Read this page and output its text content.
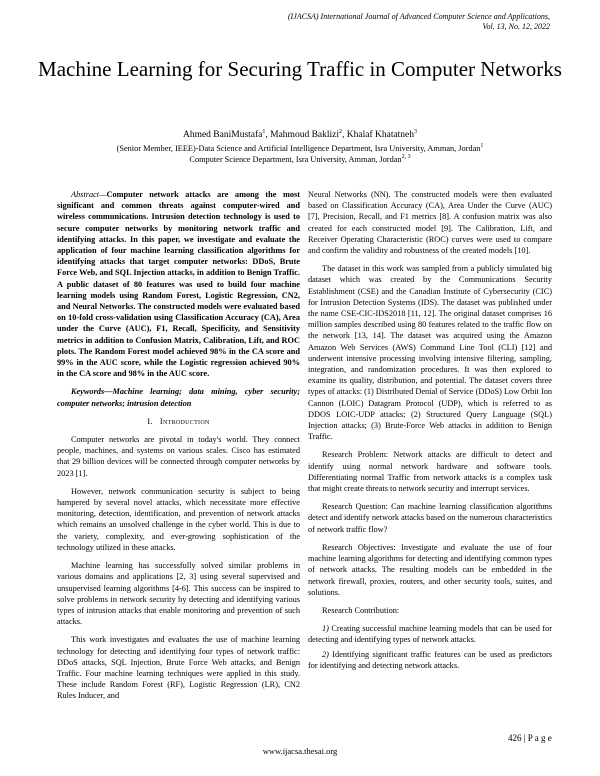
(IJACSA) International Journal of Advanced Computer Science and Applications,
Vol. 13, No. 12, 2022
Machine Learning for Securing Traffic in Computer Networks
Ahmed BaniMustafa$^1$, Mahmoud Baklizi$^2$, Khalaf Khatatneh$^3$
(Senior Member, IEEE)-Data Science and Artificial Intelligence Department, Isra University, Amman, Jordan$^1$
Computer Science Department, Isra University, Amman, Jordan$^{2, 3}$

Abstract—Computer network attacks are among the most significant and common threats against computer-wired and wireless communications. Intrusion detection technology is used to secure computer networks by monitoring network traffic and identifying attacks. In this paper, we investigate and evaluate the application of four machine learning classification algorithms for identifying attacks that target computer networks: DDoS, Brute Force Web, and SQL Injection attacks, in addition to Benign Traffic. A public dataset of 80 features was used to build four machine learning models using Random Forest, Logistic Regression, CN2, and Neural Networks. The constructed models were evaluated based on 10-fold cross-validation using Classification Accuracy (CA), Area under the Curve (AUC), F1, Recall, Specificity, and Sensitivity metrics in addition to Confusion Matrix, Calibration, Lift, and ROC plots. The Random Forest model achieved 98% in the CA score and 99% in the AUC score, while the Logistic regression achieved 90% in the CA score and 98% in the AUC score.

Keywords—Machine learning; data mining, cyber security; computer networks; intrusion detection

I. Introduction

Computer networks are pivotal in today's world. They connect people, machines, and systems on various scales. Cisco has estimated that 29 billion devices will be connected through computer networks by 2023 [1].

However, network communication security is subject to being hampered by several novel attacks, which necessitate more effective monitoring, detection, identification, and prevention of network attacks which remains an unsolved challenge in the cyber world. This is due to the variety, complexity, and ever-growing sophistication of the technology utilized in these attacks.

Machine learning has successfully solved similar problems in various domains and applications [2, 3] using several supervised and unsupervised learning algorithms [4-6]. This success can be inspired to solve problems in network security by detecting and identifying various types of intrusion attacks that enable monitoring and prevention of such attacks.

This work investigates and evaluates the use of machine learning technology for detecting and identifying four types of network traffic: DDoS attacks, SQL Injection, Brute Force Web attacks, and Benign Traffic. Four machine learning techniques were applied in this study. These include Random Forest (RF), Logistic Regression (LR), CN2 Rules Inducer, and

Neural Networks (NN). The constructed models were then evaluated based on Classification Accuracy (CA), Area Under the Curve (AUC) [7], Precision, Recall, and F1 metrics [8]. A confusion matrix was also created for each constructed model [9]. The Calibration, Lift, and Receiver Operating Characteristic (ROC) curves were used to compare and confirm the validity and robustness of the created models [10].

The dataset in this work was sampled from a publicly simulated big dataset which was created by the Communications Security Establishment (CSE) and the Canadian Institute of Cybersecurity (CIC) for Intrusion Detection Systems (IDS). The dataset was published under the name CSE-CIC-IDS2018 [11, 12]. The original dataset comprises 16 million samples described using 80 features related to the traffic flow on the network [13, 14]. The dataset was acquired using the Amazon Amazon Web Services (AWS) Command Line Tool (CLI) [12] and underwent intensive processing involving intensive filtering, sampling, integration, and randomization procedures. It was then explored to examine its quality, distribution, and potential. The dataset covers three types of attacks: (1) Distributed Denial of Service (DDoS) Low Orbit Ion Cannon (LOIC) Datagram Protocol (UDP), which is referred to as DDOS LOIC-UDP attacks; (2) Structured Query Language (SQL) Injection attacks; (3) Brute-Force Web attacks in addition to Benign Traffic.

Research Problem: Network attacks are difficult to detect and identify using normal network hardware and software tools. Differentiating normal Traffic from network attacks is a complex task that might create threats to network security and interrupt services.

Research Question: Can machine learning classification algorithms detect and identify network attacks based on the numerous characteristics of network traffic flow?

Research Objectives: Investigate and evaluate the use of four machine learning algorithms for detecting and identifying common types of network attacks. The resulting models can be embedded in the network firewall, proxies, routers, and other security tools, suites, and solutions.

Research Contribution:

1) Creating successful machine learning models that can be used for detecting and identifying types of network attacks.

2) Identifying significant traffic features can be used as predictors for identifying and detecting network attacks.

426 | P a g e
www.ijacsa.thesai.org
